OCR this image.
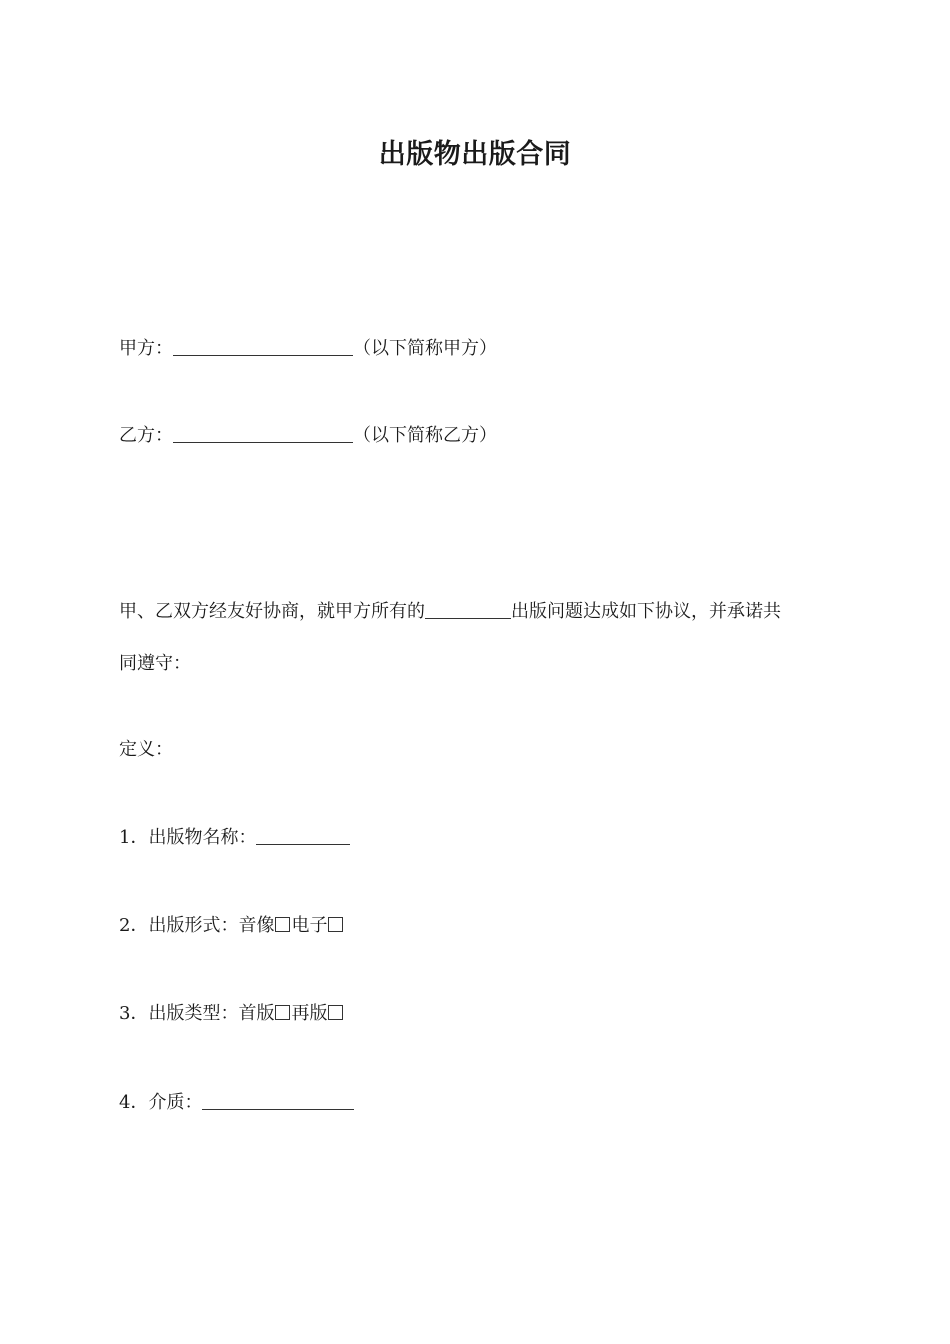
出版物出版合同

甲方：	（以下简称甲方）

乙方：	（以下简称乙方）

甲、乙双方经友好协商，就甲方所有的	出版问题达成如下协议，并承诺共

同遵守：

定义：

1．出版物名称：

2．出版形式：音像 电子

3．出版类型：首版 再版

4．介质：
